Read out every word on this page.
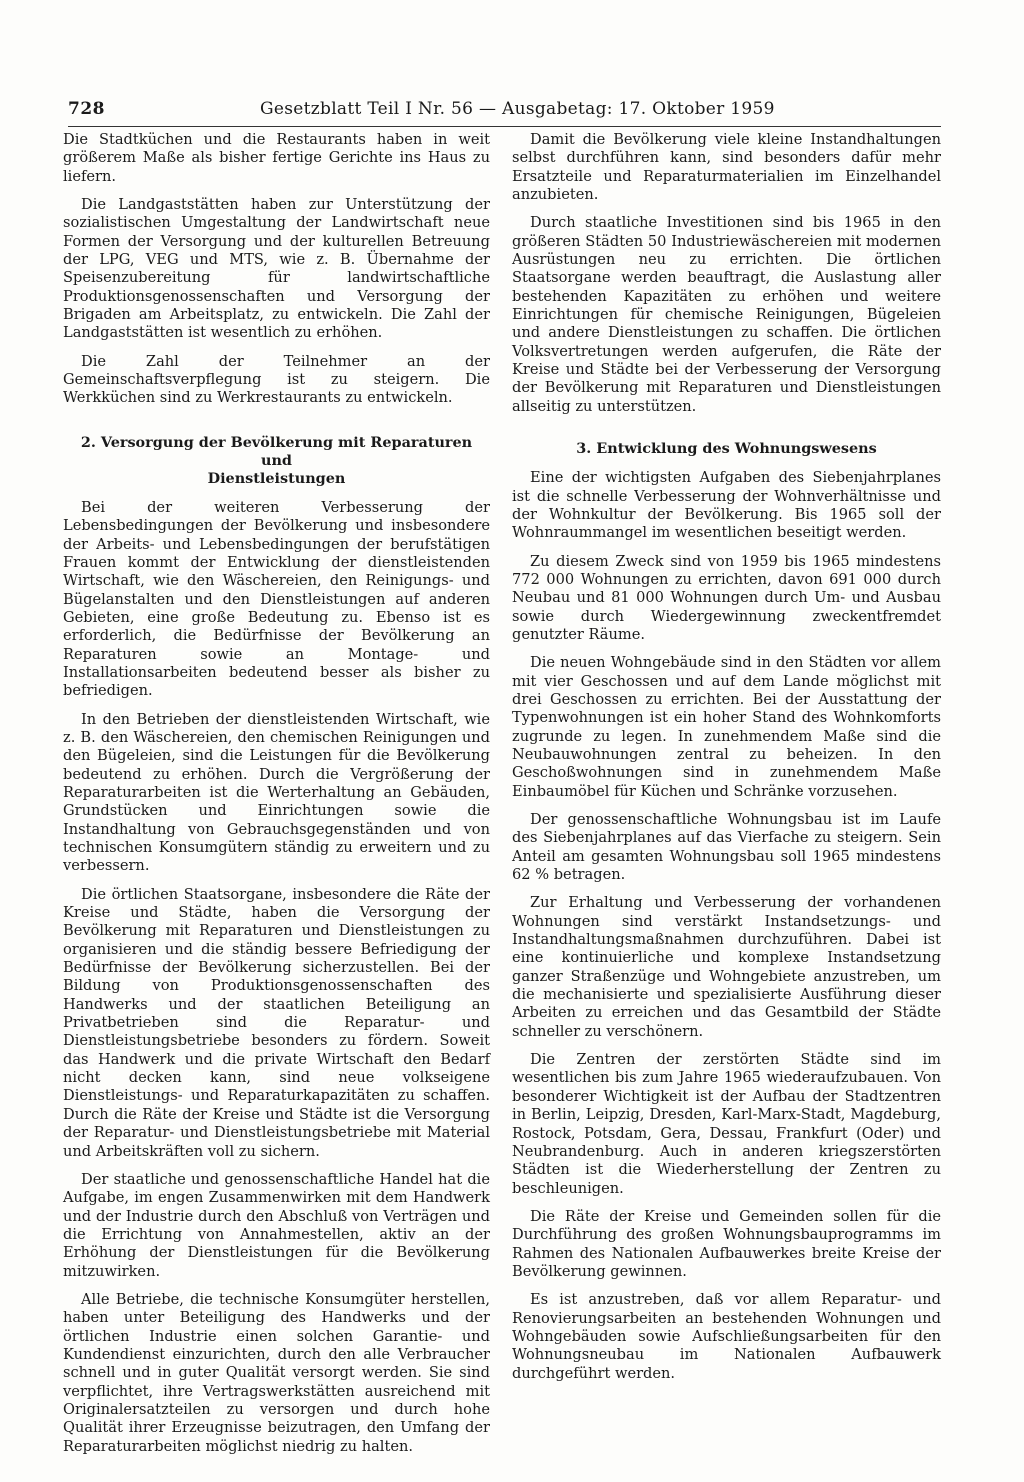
728	Gesetzblatt Teil I Nr. 56 — Ausgabetag: 17. Oktober 1959

Die Stadtküchen und die Restaurants haben in weit größerem Maße als bisher fertige Gerichte ins Haus zu liefern.

Die Landgaststätten haben zur Unterstützung der sozialistischen Umgestaltung der Landwirtschaft neue Formen der Versorgung und der kulturellen Betreuung der LPG, VEG und MTS, wie z. B. Übernahme der Speisenzubereitung für landwirtschaftliche Produktionsgenossenschaften und Versorgung der Brigaden am Arbeitsplatz, zu entwickeln. Die Zahl der Landgaststätten ist wesentlich zu erhöhen.

Die Zahl der Teilnehmer an der Gemeinschaftsverpflegung ist zu steigern. Die Werkküchen sind zu Werkrestaurants zu entwickeln.

2. Versorgung der Bevölkerung mit Reparaturen und
Dienstleistungen

Bei der weiteren Verbesserung der Lebensbedingungen der Bevölkerung und insbesondere der Arbeits- und Lebensbedingungen der berufstätigen Frauen kommt der Entwicklung der dienstleistenden Wirtschaft, wie den Wäschereien, den Reinigungs- und Bügelanstalten und den Dienstleistungen auf anderen Gebieten, eine große Bedeutung zu. Ebenso ist es erforderlich, die Bedürfnisse der Bevölkerung an Reparaturen sowie an Montage- und Installationsarbeiten bedeutend besser als bisher zu befriedigen.

In den Betrieben der dienstleistenden Wirtschaft, wie z. B. den Wäschereien, den chemischen Reinigungen und den Bügeleien, sind die Leistungen für die Bevölkerung bedeutend zu erhöhen. Durch die Vergrößerung der Reparaturarbeiten ist die Werterhaltung an Gebäuden, Grundstücken und Einrichtungen sowie die Instandhaltung von Gebrauchsgegenständen und von technischen Konsumgütern ständig zu erweitern und zu verbessern.

Die örtlichen Staatsorgane, insbesondere die Räte der Kreise und Städte, haben die Versorgung der Bevölkerung mit Reparaturen und Dienstleistungen zu organisieren und die ständig bessere Befriedigung der Bedürfnisse der Bevölkerung sicherzustellen. Bei der Bildung von Produktionsgenossenschaften des Handwerks und der staatlichen Beteiligung an Privatbetrieben sind die Reparatur- und Dienstleistungsbetriebe besonders zu fördern. Soweit das Handwerk und die private Wirtschaft den Bedarf nicht decken kann, sind neue volkseigene Dienstleistungs- und Reparaturkapazitäten zu schaffen. Durch die Räte der Kreise und Städte ist die Versorgung der Reparatur- und Dienstleistungsbetriebe mit Material und Arbeitskräften voll zu sichern.

Der staatliche und genossenschaftliche Handel hat die Aufgabe, im engen Zusammenwirken mit dem Handwerk und der Industrie durch den Abschluß von Verträgen und die Errichtung von Annahmestellen, aktiv an der Erhöhung der Dienstleistungen für die Bevölkerung mitzuwirken.

Alle Betriebe, die technische Konsumgüter herstellen, haben unter Beteiligung des Handwerks und der örtlichen Industrie einen solchen Garantie- und Kundendienst einzurichten, durch den alle Verbraucher schnell und in guter Qualität versorgt werden. Sie sind verpflichtet, ihre Vertragswerkstätten ausreichend mit Originalersatzteilen zu versorgen und durch hohe Qualität ihrer Erzeugnisse beizutragen, den Umfang der Reparaturarbeiten möglichst niedrig zu halten.

Damit die Bevölkerung viele kleine Instandhaltungen selbst durchführen kann, sind besonders dafür mehr Ersatzteile und Reparaturmaterialien im Einzelhandel anzubieten.

Durch staatliche Investitionen sind bis 1965 in den größeren Städten 50 Industriewäschereien mit modernen Ausrüstungen neu zu errichten. Die örtlichen Staatsorgane werden beauftragt, die Auslastung aller bestehenden Kapazitäten zu erhöhen und weitere Einrichtungen für chemische Reinigungen, Bügeleien und andere Dienstleistungen zu schaffen. Die örtlichen Volksvertretungen werden aufgerufen, die Räte der Kreise und Städte bei der Verbesserung der Versorgung der Bevölkerung mit Reparaturen und Dienstleistungen allseitig zu unterstützen.

3. Entwicklung des Wohnungswesens

Eine der wichtigsten Aufgaben des Siebenjahrplanes ist die schnelle Verbesserung der Wohnverhältnisse und der Wohnkultur der Bevölkerung. Bis 1965 soll der Wohnraummangel im wesentlichen beseitigt werden.

Zu diesem Zweck sind von 1959 bis 1965 mindestens 772 000 Wohnungen zu errichten, davon 691 000 durch Neubau und 81 000 Wohnungen durch Um- und Ausbau sowie durch Wiedergewinnung zweckentfremdet genutzter Räume.

Die neuen Wohngebäude sind in den Städten vor allem mit vier Geschossen und auf dem Lande möglichst mit drei Geschossen zu errichten. Bei der Ausstattung der Typenwohnungen ist ein hoher Stand des Wohnkomforts zugrunde zu legen. In zunehmendem Maße sind die Neubauwohnungen zentral zu beheizen. In den Geschoßwohnungen sind in zunehmendem Maße Einbaumöbel für Küchen und Schränke vorzusehen.

Der genossenschaftliche Wohnungsbau ist im Laufe des Siebenjahrplanes auf das Vierfache zu steigern. Sein Anteil am gesamten Wohnungsbau soll 1965 mindestens 62 % betragen.

Zur Erhaltung und Verbesserung der vorhandenen Wohnungen sind verstärkt Instandsetzungs- und Instandhaltungsmaßnahmen durchzuführen. Dabei ist eine kontinuierliche und komplexe Instandsetzung ganzer Straßenzüge und Wohngebiete anzustreben, um die mechanisierte und spezialisierte Ausführung dieser Arbeiten zu erreichen und das Gesamtbild der Städte schneller zu verschönern.

Die Zentren der zerstörten Städte sind im wesentlichen bis zum Jahre 1965 wiederaufzubauen. Von besonderer Wichtigkeit ist der Aufbau der Stadtzentren in Berlin, Leipzig, Dresden, Karl-Marx-Stadt, Magdeburg, Rostock, Potsdam, Gera, Dessau, Frankfurt (Oder) und Neubrandenburg. Auch in anderen kriegszerstörten Städten ist die Wiederherstellung der Zentren zu beschleunigen.

Die Räte der Kreise und Gemeinden sollen für die Durchführung des großen Wohnungsbauprogramms im Rahmen des Nationalen Aufbauwerkes breite Kreise der Bevölkerung gewinnen.

Es ist anzustreben, daß vor allem Reparatur- und Renovierungsarbeiten an bestehenden Wohnungen und Wohngebäuden sowie Aufschließungsarbeiten für den Wohnungsneubau im Nationalen Aufbauwerk durchgeführt werden.
